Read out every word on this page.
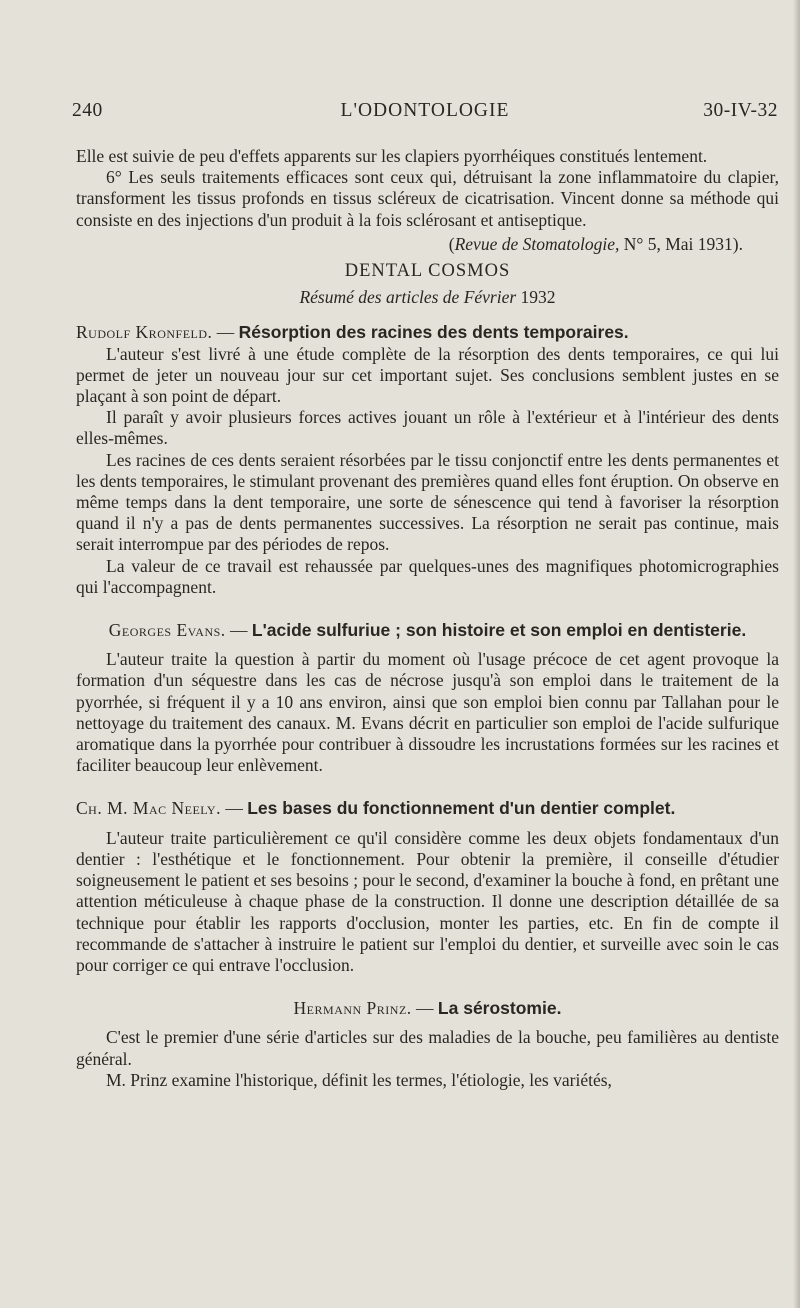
240	L'ODONTOLOGIE	30-IV-32

Elle est suivie de peu d'effets apparents sur les clapiers pyorrhéiques constitués lentement.

6° Les seuls traitements efficaces sont ceux qui, détruisant la zone inflammatoire du clapier, transforment les tissus profonds en tissus scléreux de cicatrisation. Vincent donne sa méthode qui consiste en des injections d'un produit à la fois sclérosant et antiseptique.

(Revue de Stomatologie, N° 5, Mai 1931).

DENTAL COSMOS

Résumé des articles de Février 1932

Rudolf Kronfeld. — Résorption des racines des dents temporaires.

L'auteur s'est livré à une étude complète de la résorption des dents temporaires, ce qui lui permet de jeter un nouveau jour sur cet important sujet. Ses conclusions semblent justes en se plaçant à son point de départ.

Il paraît y avoir plusieurs forces actives jouant un rôle à l'extérieur et à l'intérieur des dents elles-mêmes.

Les racines de ces dents seraient résorbées par le tissu conjonctif entre les dents permanentes et les dents temporaires, le stimulant provenant des premières quand elles font éruption. On observe en même temps dans la dent temporaire, une sorte de sénescence qui tend à favoriser la résorption quand il n'y a pas de dents permanentes successives. La résorption ne serait pas continue, mais serait interrompue par des périodes de repos.

La valeur de ce travail est rehaussée par quelques-unes des magnifiques photomicrographies qui l'accompagnent.

Georges Evans. — L'acide sulfuriue ; son histoire et son emploi en dentisterie.

L'auteur traite la question à partir du moment où l'usage précoce de cet agent provoque la formation d'un séquestre dans les cas de nécrose jusqu'à son emploi dans le traitement de la pyorrhée, si fréquent il y a 10 ans environ, ainsi que son emploi bien connu par Tallahan pour le nettoyage du traitement des canaux. M. Evans décrit en particulier son emploi de l'acide sulfurique aromatique dans la pyorrhée pour contribuer à dissoudre les incrustations formées sur les racines et faciliter beaucoup leur enlèvement.

Ch. M. Mac Neely. — Les bases du fonctionnement d'un dentier complet.

L'auteur traite particulièrement ce qu'il considère comme les deux objets fondamentaux d'un dentier : l'esthétique et le fonctionnement. Pour obtenir la première, il conseille d'étudier soigneusement le patient et ses besoins ; pour le second, d'examiner la bouche à fond, en prêtant une attention méticuleuse à chaque phase de la construction. Il donne une description détaillée de sa technique pour établir les rapports d'occlusion, monter les parties, etc. En fin de compte il recommande de s'attacher à instruire le patient sur l'emploi du dentier, et surveille avec soin le cas pour corriger ce qui entrave l'occlusion.

Hermann Prinz. — La sérostomie.

C'est le premier d'une série d'articles sur des maladies de la bouche, peu familières au dentiste général.

M. Prinz examine l'historique, définit les termes, l'étiologie, les variétés,
